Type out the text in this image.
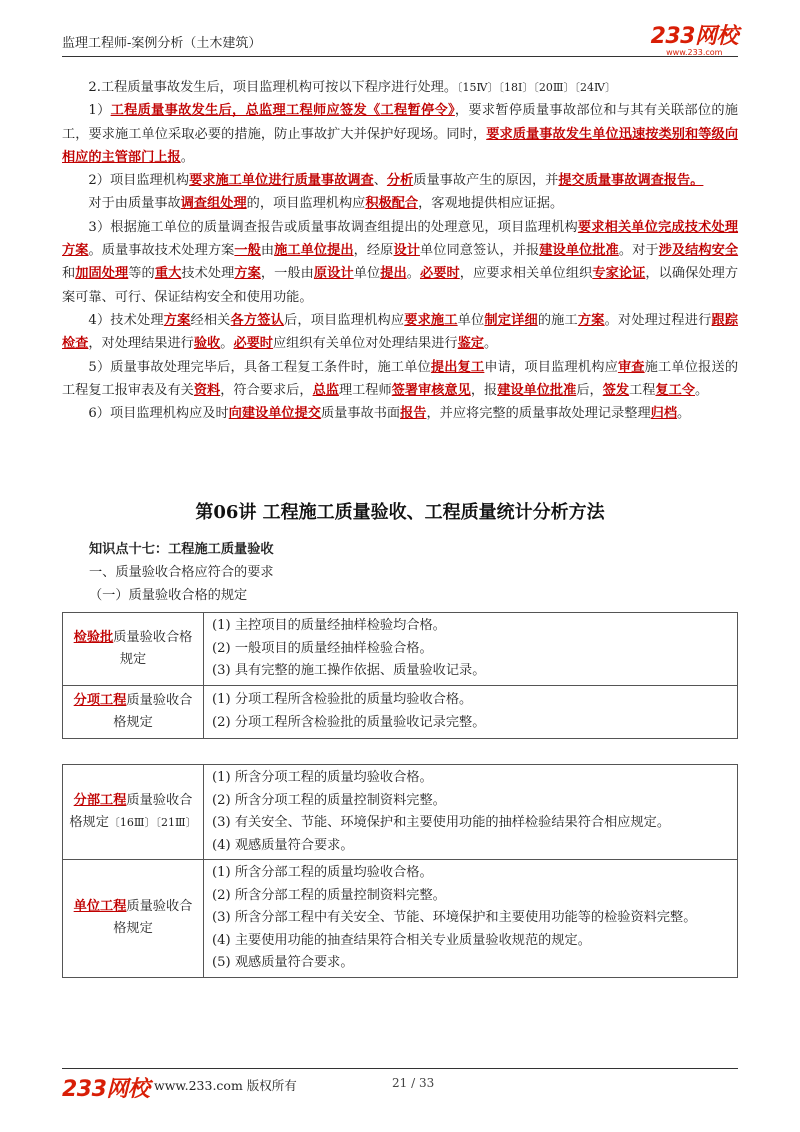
监理工程师-案例分析（土木建筑）	233网校
www.233.com

2.工程质量事故发生后，项目监理机构可按以下程序进行处理。〔15Ⅳ〕〔18Ⅰ〕〔20Ⅲ〕〔24Ⅳ〕

1）工程质量事故发生后，总监理工程师应签发《工程暂停令》，要求暂停质量事故部位和与其有关联部位的施工，要求施工单位采取必要的措施，防止事故扩大并保护好现场。同时，要求质量事故发生单位迅速按类别和等级向相应的主管部门上报。

2）项目监理机构要求施工单位进行质量事故调查、分析质量事故产生的原因，并提交质量事故调查报告。

对于由质量事故调查组处理的，项目监理机构应积极配合，客观地提供相应证据。

3）根据施工单位的质量调查报告或质量事故调查组提出的处理意见，项目监理机构要求相关单位完成技术处理方案。质量事故技术处理方案一般由施工单位提出，经原设计单位同意签认，并报建设单位批准。对于涉及结构安全和加固处理等的重大技术处理方案，一般由原设计单位提出。必要时，应要求相关单位组织专家论证，以确保处理方案可靠、可行、保证结构安全和使用功能。

4）技术处理方案经相关各方签认后，项目监理机构应要求施工单位制定详细的施工方案。对处理过程进行跟踪检查，对处理结果进行验收。必要时应组织有关单位对处理结果进行鉴定。

5）质量事故处理完毕后，具备工程复工条件时，施工单位提出复工申请，项目监理机构应审查施工单位报送的工程复工报审表及有关资料，符合要求后，总监理工程师签署审核意见，报建设单位批准后，签发工程复工令。

6）项目监理机构应及时向建设单位提交质量事故书面报告，并应将完整的质量事故处理记录整理归档。

第06讲 工程施工质量验收、工程质量统计分析方法
知识点十七：工程施工质量验收
一、质量验收合格应符合的要求
（一）质量验收合格的规定
检验批质量验收合格规定	(1) 主控项目的质量经抽样检验均合格。
(2) 一般项目的质量经抽样检验合格。
(3) 具有完整的施工操作依据、质量验收记录。

分项工程质量验收合格规定	(1) 分项工程所含检验批的质量均验收合格。
(2) 分项工程所含检验批的质量验收记录完整。
分部工程质量验收合格规定〔16Ⅲ〕〔21Ⅲ〕	(1) 所含分项工程的质量均验收合格。
(2) 所含分项工程的质量控制资料完整。
(3) 有关安全、节能、环境保护和主要使用功能的抽样检验结果符合相应规定。
(4) 观感质量符合要求。

单位工程质量验收合格规定	(1) 所含分部工程的质量均验收合格。
(2) 所含分部工程的质量控制资料完整。
(3) 所含分部工程中有关安全、节能、环境保护和主要使用功能等的检验资料完整。
(4) 主要使用功能的抽查结果符合相关专业质量验收规范的规定。
(5) 观感质量符合要求。
233网校 www.233.com 版权所有	21 / 33
